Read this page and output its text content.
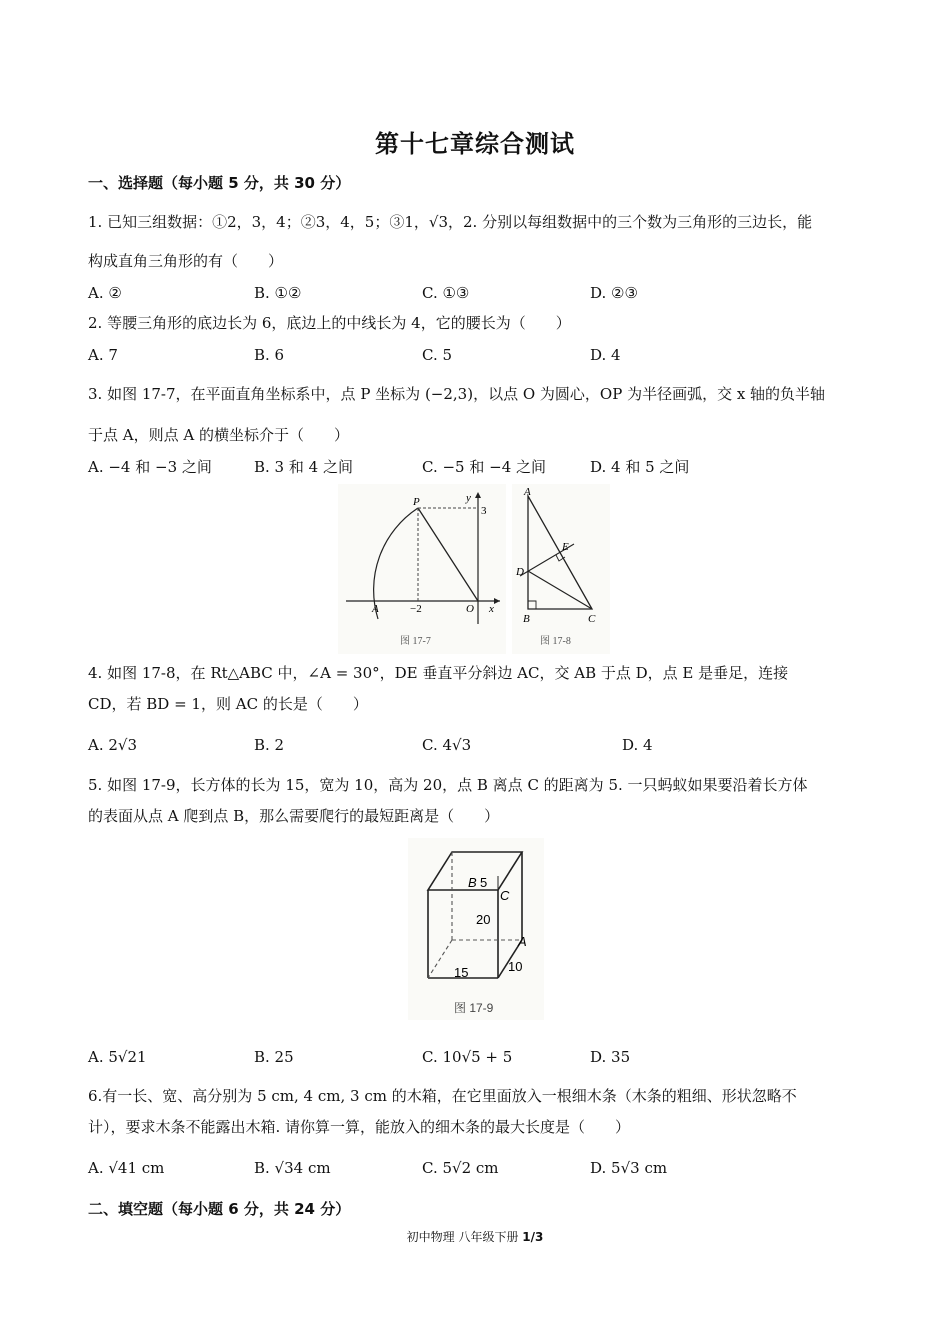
第十七章综合测试
一、选择题（每小题 5 分，共 30 分）
1. 已知三组数据：①2，3，4；②3，4，5；③1，√3，2. 分别以每组数据中的三个数为三角形的三边长，能
构成直角三角形的有（　　）
A. ②	B. ①②	C. ①③	D. ②③
2. 等腰三角形的底边长为 6，底边上的中线长为 4，它的腰长为（　　）
A. 7	B. 6	C. 5	D. 4
3. 如图 17-7，在平面直角坐标系中，点 P 坐标为 (−2,3)，以点 O 为圆心，OP 为半径画弧，交 x 轴的负半轴
于点 A，则点 A 的横坐标介于（　　）
A. −4 和 −3 之间	B. 3 和 4 之间	C. −5 和 −4 之间	D. 4 和 5 之间
P	y
3
A	−2	O x
图 17-7
A
E
D
B	C
图 17-8
4. 如图 17-8，在 Rt△ABC 中，∠A = 30°，DE 垂直平分斜边 AC，交 AB 于点 D，点 E 是垂足，连接
CD，若 BD = 1，则 AC 的长是（　　）
A. 2√3	B. 2	C. 4√3	D. 4
5. 如图 17-9，长方体的长为 15，宽为 10，高为 20，点 B 离点 C 的距离为 5. 一只蚂蚁如果要沿着长方体
的表面从点 A 爬到点 B，那么需要爬行的最短距离是（　　）
B 5
C
20
A
15	10
图 17-9
A. 5√21	B. 25	C. 10√5 + 5	D. 35
6.有一长、宽、高分别为 5 cm, 4 cm, 3 cm 的木箱，在它里面放入一根细木条（木条的粗细、形状忽略不
计），要求木条不能露出木箱. 请你算一算，能放入的细木条的最大长度是（　　）
A. √41 cm	B. √34 cm	C. 5√2 cm	D. 5√3 cm
二、填空题（每小题 6 分，共 24 分）
初中物理 八年级下册 1/3
